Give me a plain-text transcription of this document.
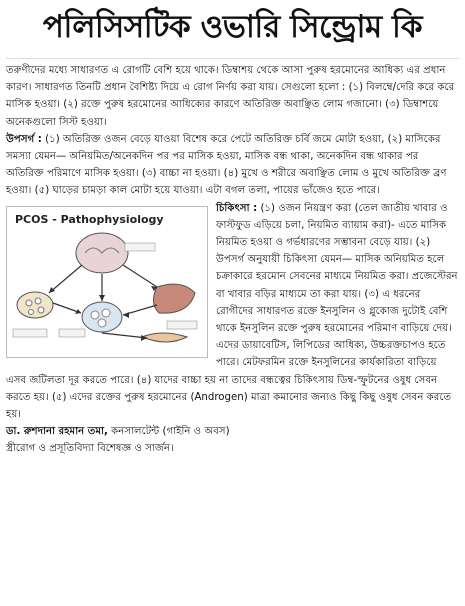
পলিসিসটিক ওভারি সিন্ড্রোম কি

তরুণীদের মধ্যে সাধারণত এ রোগটি বেশি হয়ে থাকে। ডিম্বাশয় থেকে আসা পুরুষ হরমোনের আধিক্য এর প্রধান কারণ। সাধারণত তিনটি প্রধান বৈশিষ্ট্য দিয়ে এ রোগ নির্ণয় করা যায়। সেগুলো হলো : (১) বিলম্বে/দেরি করে করে মাসিক হওয়া। (২) রক্তে পুরুষ হরমোনের আধিক্যের কারণে অতিরিক্ত অবাঞ্ছিত লোম গজানো। (৩) ডিম্বাশয়ে অনেকগুলো সিস্ট হওয়া।

উপসর্গ : (১) অতিরিক্ত ওজন বেড়ে যাওয়া বিশেষ করে পেটে অতিরিক্ত চর্বি জমে মোটা হওয়া, (২) মাসিকের সমস্যা যেমন— অনিয়মিত/অনেকদিন পর পর মাসিক হওয়া, মাসিক বন্ধ থাকা, অনেকদিন বন্ধ থাকার পর অতিরিক্ত পরিমাণে মাসিক হওয়া। (৩) বাচ্চা না হওয়া। (৪) মুখে ও শরীরে অবাঞ্ছিত লোম ও মুখে অতিরিক্ত ব্রণ হওয়া। (৫) ঘাড়ের চামড়া কাল মোটা হয়ে যাওয়া। এটা বগল তলা, পায়ের ভাঁজেও হতে পারে।

PCOS - Pathophysiology

চিকিৎসা : (১) ওজন নিয়ন্ত্রণ করা (তেল জাতীয় খাবার ও ফাস্টফুড এড়িয়ে চলা, নিয়মিত ব্যায়াম করা)- এতে মাসিক নিয়মিত হওয়া ও গর্ভধারণের সম্ভাবনা বেড়ে যায়। (২) উপসর্গ অনুযায়ী চিকিৎসা যেমন— মাসিক অনিয়মিত হলে চক্রাকারে হরমোন সেবনের মাধ্যমে নিয়মিত করা। প্রজেস্টেরন বা খাবার বড়ির মাধ্যমে তা করা যায়। (৩) এ ধরনের রোগীদের সাধারণত রক্তে ইনসুলিন ও গ্লুকোজ দুটোই বেশি থাকে ইনসুলিন রক্তে পুরুষ হরমোনের পরিমাণ বাড়িয়ে দেয়। এদের ডায়াবেটিস, লিপিডের আধিক্য, উচ্চরক্তচাপও হতে পারে। মেটফরমিন রক্তে ইনসুলিনের কার্যকারিতা বাড়িয়ে এসব জটিলতা দূর করতে পারে। (৪) যাদের বাচ্চা হয় না তাদের বন্ধত্বের চিকিৎসায় ডিম্ব-স্ফুটনের ওষুধ সেবন করতে হয়। (৫) এদের রক্তের পুরুষ হরমোনের (Androgen) মাত্রা কমানোর জন্যও কিছু কিছু ওষুধ সেবন করতে হয়।

ডা. রুশদানা রহমান তমা, কনসালটেন্ট (গাইনি ও অবস)

স্ত্রীরোগ ও প্রসূতিবিদ্যা বিশেষজ্ঞ ও সার্জন।
